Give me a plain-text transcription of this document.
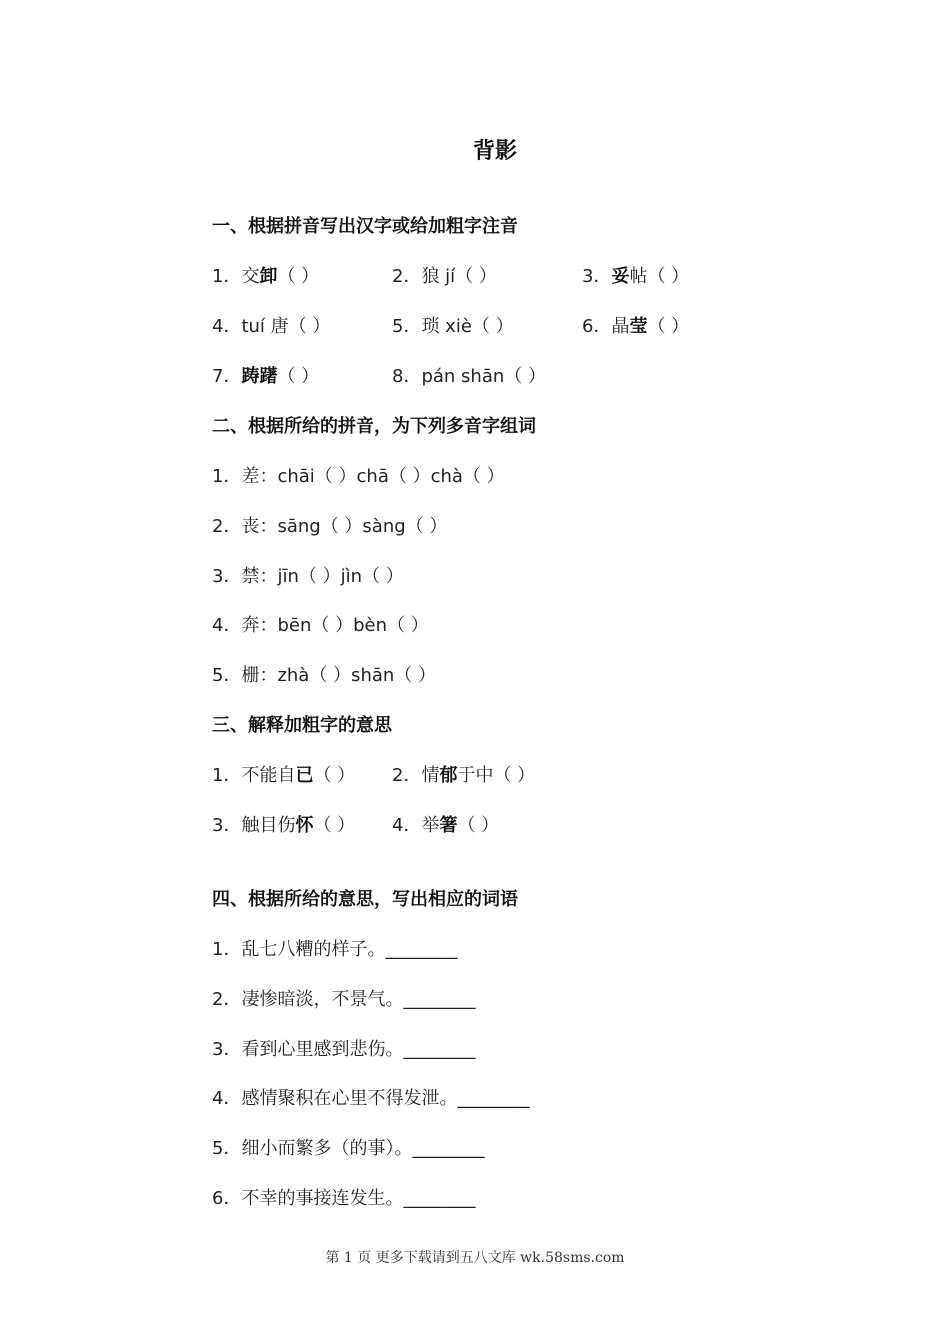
背影
一、根据拼音写出汉字或给加粗字注音
1．交卸（ ）	2．狼 jí（ ）	3．妥帖（ ）
4．tuí 唐（ ）	5．琐 xiè（ ）	6．晶莹（ ）
7．踌躇（ ）	8．pán shān（ ）
二、根据所给的拼音，为下列多音字组词
1．差：chāi（ ）chā（ ）chà（ ）
2．丧：sāng（ ）sàng（ ）
3．禁：jīn（ ）jìn（ ）
4．奔：bēn（ ）bèn（ ）
5．栅：zhà（ ）shān（ ）
三、解释加粗字的意思
1．不能自已（ ） 2．情郁于中（ ）
3．触目伤怀（ ） 4．举箸（ ）
四、根据所给的意思，写出相应的词语
1．乱七八糟的样子。________
2．凄惨暗淡，不景气。________
3．看到心里感到悲伤。________
4．感情聚积在心里不得发泄。________
5．细小而繁多（的事）。________
6．不幸的事接连发生。________
第 1 页 更多下载请到五八文库 wk.58sms.com
